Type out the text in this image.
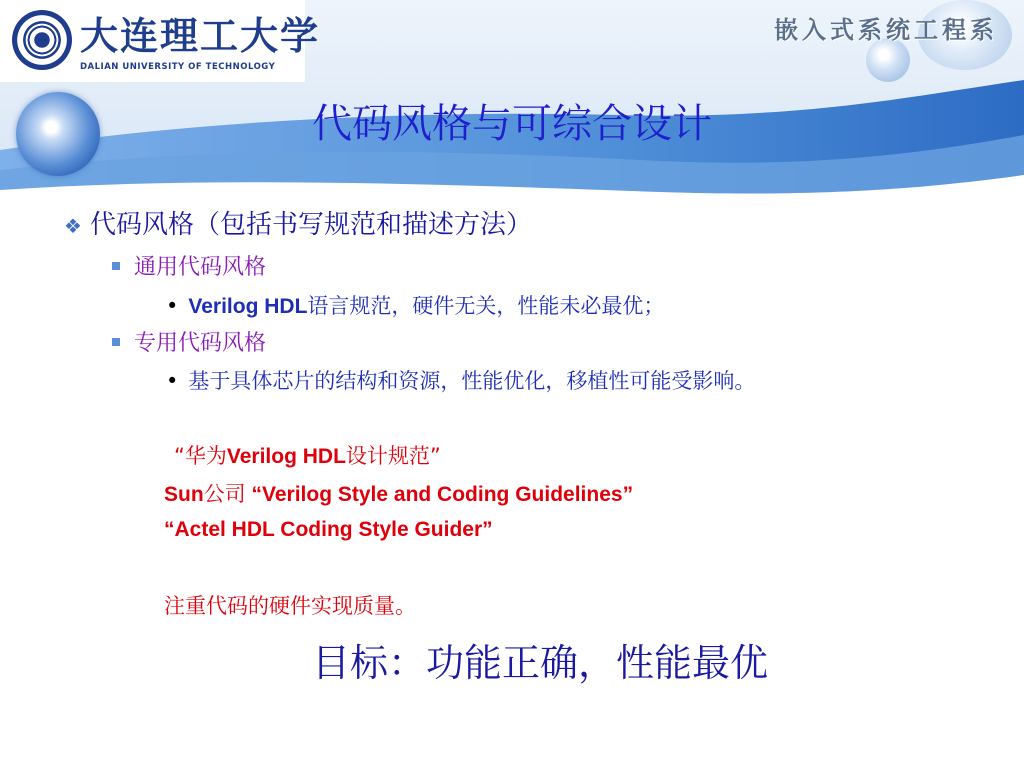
大连理工大学
DALIAN UNIVERSITY OF TECHNOLOGY
嵌入式系统工程系
代码风格与可综合设计
❖ 代码风格（包括书写规范和描述方法）
通用代码风格
• Verilog HDL语言规范，硬件无关，性能未必最优；
专用代码风格
• 基于具体芯片的结构和资源，性能优化，移植性可能受影响。
“华为Verilog HDL设计规范”
Sun公司 “Verilog Style and Coding Guidelines”
“Actel HDL Coding Style Guider”
注重代码的硬件实现质量。
目标：功能正确，性能最优
